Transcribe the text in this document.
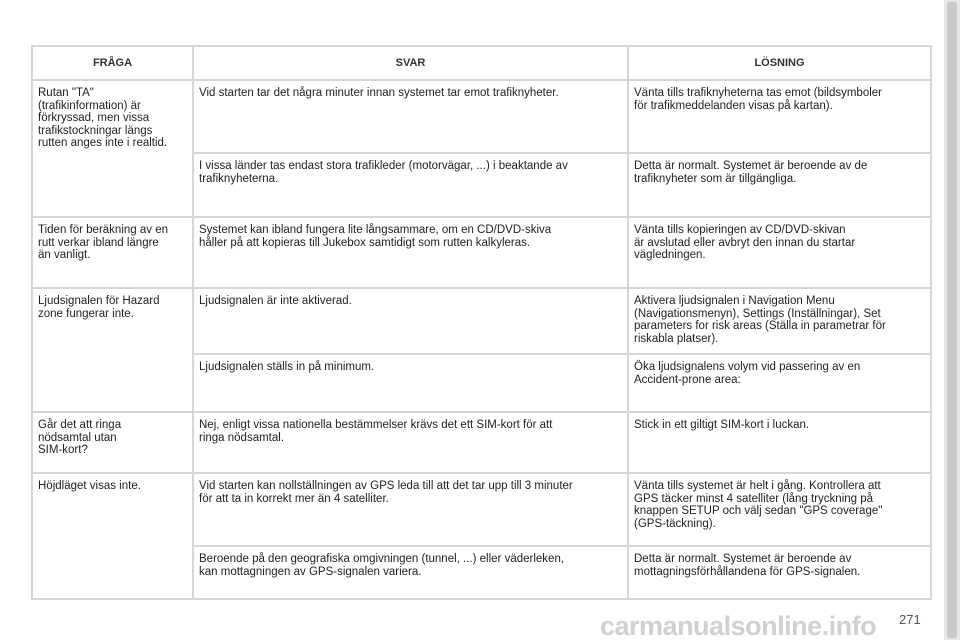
FRÅGA	SVAR	LÖSNING
Rutan "TA"
(trafikinformation) är
förkryssad, men vissa
trafikstockningar längs
rutten anges inte i realtid.	Vid starten tar det några minuter innan systemet tar emot trafiknyheter.	Vänta tills trafiknyheterna tas emot (bildsymboler
för trafikmeddelanden visas på kartan).
	I vissa länder tas endast stora trafikleder (motorvägar, ...) i beaktande av
trafiknyheterna.	Detta är normalt. Systemet är beroende av de
trafiknyheter som är tillgängliga.
Tiden för beräkning av en
rutt verkar ibland längre
än vanligt.	Systemet kan ibland fungera lite långsammare, om en CD/DVD-skiva
håller på att kopieras till Jukebox samtidigt som rutten kalkyleras.	Vänta tills kopieringen av CD/DVD-skivan
är avslutad eller avbryt den innan du startar
vägledningen.
Ljudsignalen för Hazard
zone fungerar inte.	Ljudsignalen är inte aktiverad.	Aktivera ljudsignalen i Navigation Menu
(Navigationsmenyn), Settings (Inställningar), Set
parameters for risk areas (Ställa in parametrar för
riskabla platser).
	Ljudsignalen ställs in på minimum.	Öka ljudsignalens volym vid passering av en
Accident-prone area:
Går det att ringa
nödsamtal utan
SIM-kort?	Nej, enligt vissa nationella bestämmelser krävs det ett SIM-kort för att
ringa nödsamtal.	Stick in ett giltigt SIM-kort i luckan.
Höjdläget visas inte.	Vid starten kan nollställningen av GPS leda till att det tar upp till 3 minuter
för att ta in korrekt mer än 4 satelliter.	Vänta tills systemet är helt i gång. Kontrollera att
GPS täcker minst 4 satelliter (lång tryckning på
knappen SETUP och välj sedan "GPS coverage"
(GPS-täckning).
	Beroende på den geografiska omgivningen (tunnel, ...) eller väderleken,
kan mottagningen av GPS-signalen variera.	Detta är normalt. Systemet är beroende av
mottagningsförhållandena för GPS-signalen.
carmanualsonline.info 271
